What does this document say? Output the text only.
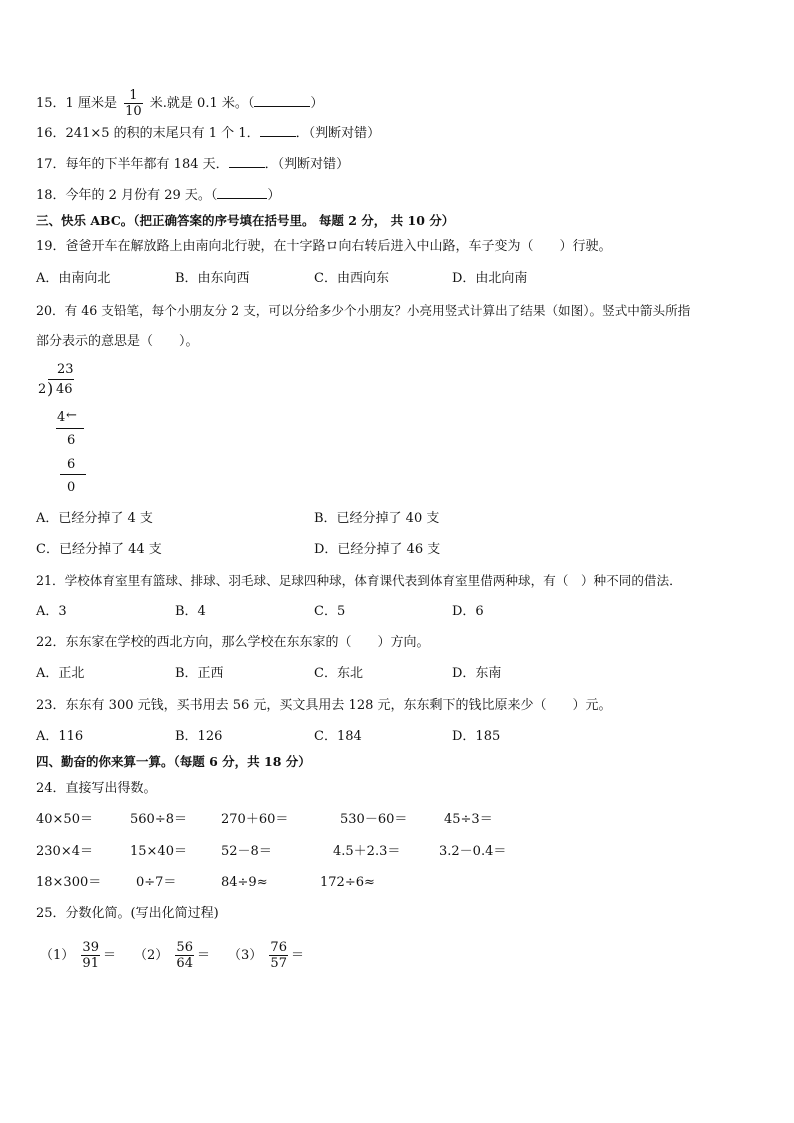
15．1 厘米是 $\frac{1}{10}$ 米.就是 0.1 米。（	）
16．241×5 的积的末尾只有 1 个 1．	．（判断对错）
17．每年的下半年都有 184 天．	．（判断对错）
18．今年的 2 月份有 29 天。（	）
三、快乐 ABC。（把正确答案的序号填在括号里。 每题 2 分， 共 10 分）
19．爸爸开车在解放路上由南向北行驶，在十字路ロ向右转后进入中山路，车子变为（　　）行驶。
A．由南向北	B．由东向西	C．由西向东	D．由北向南
20．有 46 支铅笔，每个小朋友分 2 支，可以分给多少个小朋友？小亮用竖式计算出了结果（如图）。竖式中箭头所指
部分表示的意思是（　　）。
23
2 ) 46
4 ←
6
6
0
A．已经分掉了 4 支	B．已经分掉了 40 支
C．已经分掉了 44 支	D．已经分掉了 46 支
21．学校体育室里有篮球、排球、羽毛球、足球四种球，体育课代表到体育室里借两种球，有（　）种不同的借法．
A．3	B．4	C．5	D．6
22．东东家在学校的西北方向，那么学校在东东家的（　　）方向。
A．正北	B．正西	C．东北	D．东南
23．东东有 300 元钱，买书用去 56 元，买文具用去 128 元，东东剩下的钱比原来少（　　）元。
A．116	B．126	C．184	D．185
四、勤奋的你来算一算。（每题 6 分，共 18 分）
24．直接写出得数。
40×50＝	560÷8＝	270＋60＝	530－60＝	45÷3＝
230×4＝	15×40＝	52－8＝	4.5＋2.3＝	3.2－0.4＝
18×300＝	0÷7＝	84÷9≈	172÷6≈
25．分数化简。(写出化简过程)
$(1) \frac{39}{91} = (2) \frac{56}{64} = (3) \frac{76}{57}$ ＝
